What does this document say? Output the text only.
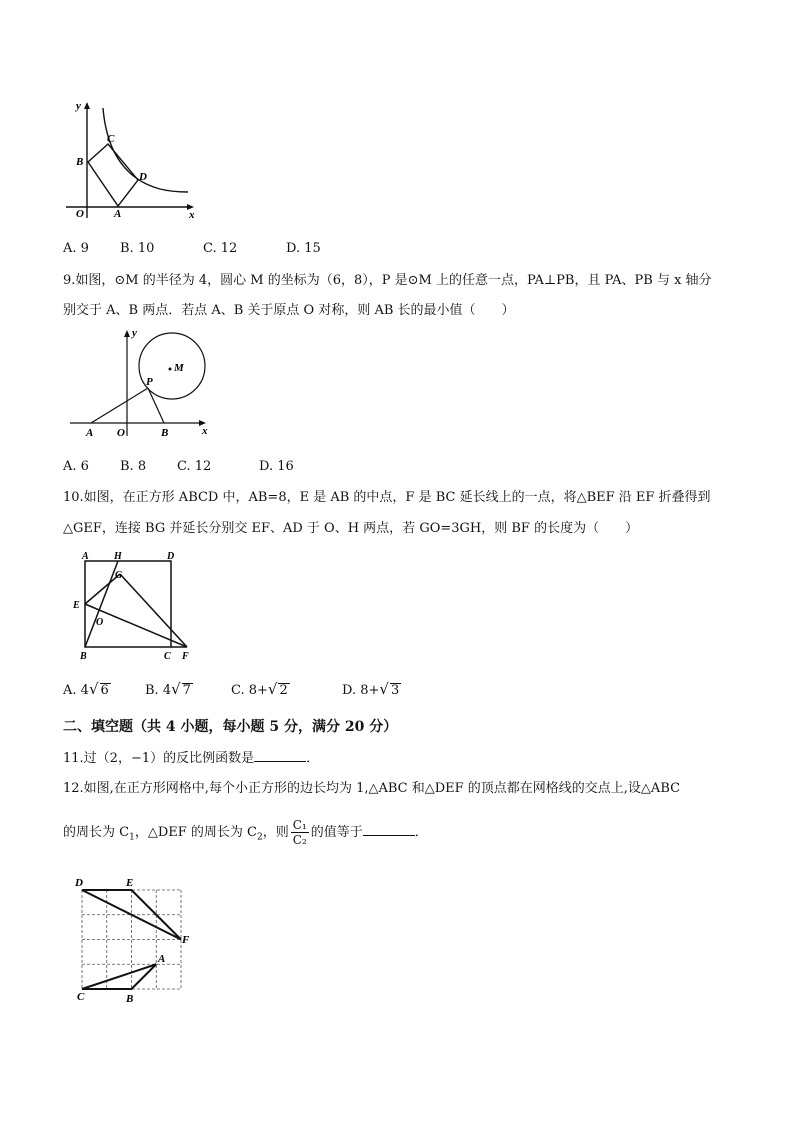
y
x
O	A
B
C
D
A. 9 B. 10	C. 12	D. 15
9.如图，⊙M 的半径为 4，圆心 M 的坐标为（6，8），P 是⊙M 上的任意一点，PA⊥PB，且 PA、PB 与 x 轴分
别交于 A、B 两点．若点 A、B 关于原点 O 对称，则 AB 长的最小值（　　）
y
x
M
P
A O	B
A. 6 B. 8 C. 12	D. 16
10.如图，在正方形 ABCD 中，AB=8，E 是 AB 的中点，F 是 BC 延长线上的一点，将△BEF 沿 EF 折叠得到
△GEF，连接 BG 并延长分别交 EF、AD 于 O、H 两点，若 GO=3GH，则 BF 的长度为（　　）
A	H	D
G
E
O
B	C F
A. 4√ 6	B. 4√ 7	C. 8+√ 2	D. 8+√ 3
二、填空题（共 4 小题，每小题 5 分，满分 20 分）
11.过（2，−1）的反比例函数是	．
12.如图,在正方形网格中,每个小正方形的边长均为 1,△ABC 和△DEF 的顶点都在网格线的交点上,设△ABC
的周长为 $C_1$，△DEF 的周长为 $C_2$，则 $\frac{\text{C₁}}{\text{C₂}}$ 的值等于	．
D	E
F
A
C	B
